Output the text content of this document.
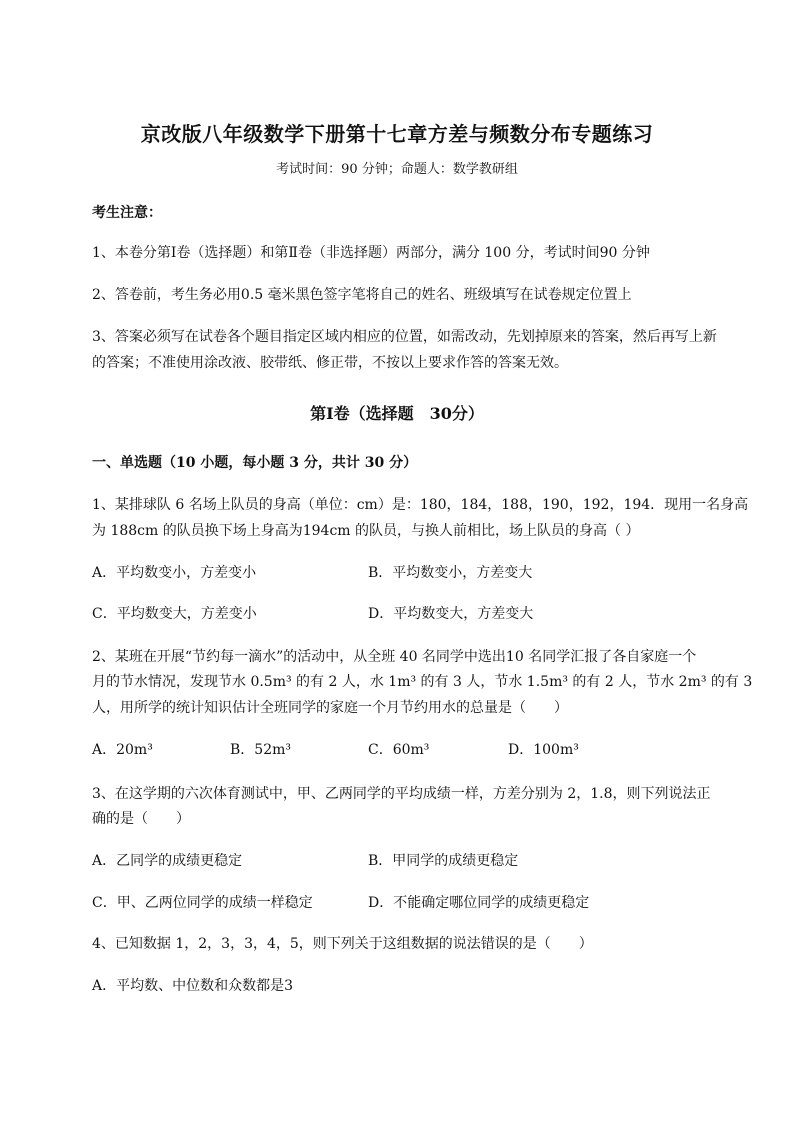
京改版八年级数学下册第十七章方差与频数分布专题练习
考试时间：90 分钟；命题人：数学教研组
考生注意：
1、本卷分第Ⅰ卷（选择题）和第Ⅱ卷（非选择题）两部分，满分 100 分，考试时间90 分钟
2、答卷前，考生务必用0.5 毫米黑色签字笔将自己的姓名、班级填写在试卷规定位置上
3、答案必须写在试卷各个题目指定区域内相应的位置，如需改动，先划掉原来的答案，然后再写上新
的答案；不准使用涂改液、胶带纸、修正带，不按以上要求作答的答案无效。
第Ⅰ卷（选择题　30分）
一、单选题（10 小题，每小题 3 分，共计 30 分）
1、某排球队 6 名场上队员的身高（单位：cm）是：180，184，188，190，192，194．现用一名身高
为 188cm 的队员换下场上身高为194cm 的队员，与换人前相比，场上队员的身高（ ）
A．平均数变小，方差变小	B．平均数变小，方差变大
C．平均数变大，方差变小	D．平均数变大，方差变大
2、某班在开展“节约每一滴水”的活动中，从全班 40 名同学中选出10 名同学汇报了各自家庭一个
月的节水情况，发现节水 0.5m³ 的有 2 人，水 1m³ 的有 3 人，节水 1.5m³ 的有 2 人，节水 2m³ 的有 3
人，用所学的统计知识估计全班同学的家庭一个月节约用水的总量是（　　）
A．20m³	B．52m³	C．60m³	D．100m³
3、在这学期的六次体育测试中，甲、乙两同学的平均成绩一样，方差分别为 2，1.8，则下列说法正
确的是（　　）
A．乙同学的成绩更稳定	B．甲同学的成绩更稳定
C．甲、乙两位同学的成绩一样稳定	D．不能确定哪位同学的成绩更稳定
4、已知数据 1，2，3，3，4，5，则下列关于这组数据的说法错误的是（　　）
A．平均数、中位数和众数都是3
